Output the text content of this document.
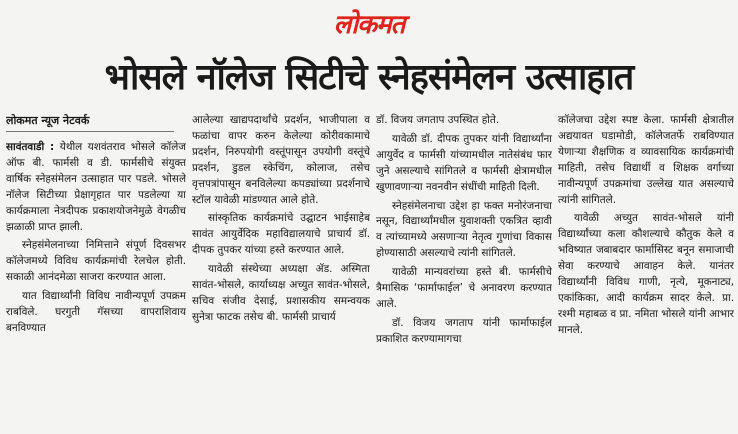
लोकमत
भोसले नॉलेज सिटीचे स्नेहसंमेलन उत्साहात
लोकमत न्यूज नेटवर्क

सावंतवाडी : येथील यशवंतराव भोसले कॉलेज ऑफ बी. फार्मसी व डी. फार्मसीचे संयुक्त वार्षिक स्नेहसंमेलन उत्साहात पार पडले. भोसले नॉलेज सिटीच्या प्रेक्षागृहात पार पडलेल्या या कार्यक्रमाला नेत्रदीपक प्रकाशयोजनेमुळे वेगळीच झळाळी प्राप्त झाली.

स्नेहसंमेलनाच्या निमित्ताने संपूर्ण दिवसभर कॉलेजमध्ये विविध कार्यक्रमांची रेलचेल होती. सकाळी आनंदमेळा साजरा करण्यात आला.

यात विद्यार्थ्यांनी विविध नावीन्यपूर्ण उपक्रम राबविले. घरगुती गॅसच्या वापराशिवाय बनविण्यात

आलेल्या खाद्यपदार्थांचे प्रदर्शन, भाजीपाला व फळांचा वापर करुन केलेल्या कोरीवकामाचे प्रदर्शन, निरुपयोगी वस्तूंपासून उपयोगी वस्तूंचे प्रदर्शन, डुडल स्केचिंग, कोलाज, तसेच वृत्तपत्रांपासून बनविलेल्या कपड्यांच्या प्रदर्शनाचे स्टॉल यावेळी मांडण्यात आले होते.

सांस्कृतिक कार्यक्रमांचे उद्घाटन भाईसाहेब सावंत आयुर्वेदिक महाविद्यालयाचे प्राचार्य डॉ. दीपक तुपकर यांच्या हस्ते करण्यात आले.

यावेळी संस्थेच्या अध्यक्षा ॲड. अस्मिता सावंत-भोसले, कार्याध्यक्ष अच्युत सावंत-भोसले, सचिव संजीव देसाई, प्रशासकीय समन्वयक सुनेत्रा फाटक तसेच बी. फार्मसी प्राचार्य

डॉ. विजय जगताप उपस्थित होते.

यावेळी डॉ. दीपक तुपकर यांनी विद्यार्थ्यांना आयुर्वेद व फार्मसी यांच्यामधील नातेसंबंध फार जुने असल्याचे सांगितले व फार्मसी क्षेत्रामधील खुणावणाऱ्या नवनवीन संधींची माहिती दिली.

स्नेहसंमेलनाचा उद्देश हा फक्त मनोरंजनाचा नसून, विद्यार्थ्यांमधील युवाशक्ती एकत्रित व्हावी व त्यांच्यामध्ये असणाऱ्या नेतृत्व गुणांचा विकास होण्यासाठी असल्याचे त्यांनी सांगितले.

यावेळी मान्यवरांच्या हस्ते बी. फार्मसीचे त्रैमासिक ‘फार्माफाईल’ चे अनावरण करण्यात आले.

डॉ. विजय जगताप यांनी फार्माफाईल प्रकाशित करण्यामागचा

कॉलेजचा उद्देश स्पष्ट केला. फार्मसी क्षेत्रातील अद्ययावत घडामोडी, कॉलेजतर्फे राबविण्यात येणाऱ्या शैक्षणिक व व्यावसायिक कार्यक्रमांची माहिती, तसेच विद्यार्थी व शिक्षक वर्गाच्या नावीन्यपूर्ण उपक्रमांचा उल्लेख यात असल्याचे त्यांनी सांगितले.

यावेळी अच्युत सावंत-भोसले यांनी विद्यार्थ्यांच्या कला कौशल्याचे कौतुक केले व भविष्यात जबाबदार फार्मासिस्ट बनून समाजाची सेवा करण्याचे आवाहन केले. यानंतर विद्यार्थ्यांनी विविध गाणी, नृत्ये, मूकनाट्य, एकांकिका, आदी कार्यक्रम सादर केले. प्रा. रश्मी महाबळ व प्रा. नमिता भोसले यांनी आभार मानले.
